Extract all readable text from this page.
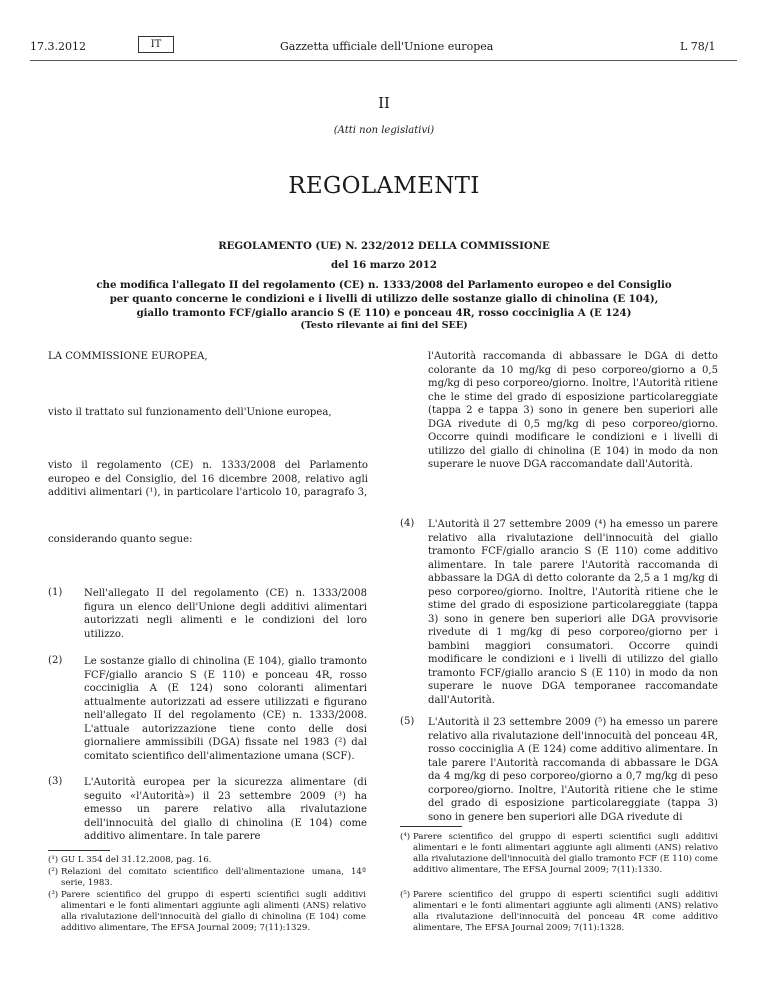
17.3.2012	IT	Gazzetta ufficiale dell'Unione europea	L 78/1
II
(Atti non legislativi)
REGOLAMENTI
REGOLAMENTO (UE) N. 232/2012 DELLA COMMISSIONE
del 16 marzo 2012
che modifica l'allegato II del regolamento (CE) n. 1333/2008 del Parlamento europeo e del Consiglio
per quanto concerne le condizioni e i livelli di utilizzo delle sostanze giallo di chinolina (E 104),
giallo tramonto FCF/giallo arancio S (E 110) e ponceau 4R, rosso cocciniglia A (E 124)
(Testo rilevante ai fini del SEE)
LA COMMISSIONE EUROPEA,
visto il trattato sul funzionamento dell'Unione europea,
visto il regolamento (CE) n. 1333/2008 del Parlamento europeo e del Consiglio, del 16 dicembre 2008, relativo agli additivi alimentari (¹), in particolare l'articolo 10, paragrafo 3,
considerando quanto segue:
(1) Nell'allegato II del regolamento (CE) n. 1333/2008 figura un elenco dell'Unione degli additivi alimentari autorizzati negli alimenti e le condizioni del loro utilizzo.
(2) Le sostanze giallo di chinolina (E 104), giallo tramonto FCF/giallo arancio S (E 110) e ponceau 4R, rosso cocciniglia A (E 124) sono coloranti alimentari attualmente autorizzati ad essere utilizzati e figurano nell'allegato II del regolamento (CE) n. 1333/2008. L'attuale autorizzazione tiene conto delle dosi giornaliere ammissibili (DGA) fissate nel 1983 (²) dal comitato scientifico dell'alimentazione umana (SCF).
(3) L'Autorità europea per la sicurezza alimentare (di seguito «l'Autorità») il 23 settembre 2009 (³) ha emesso un parere relativo alla rivalutazione dell'innocuità del giallo di chinolina (E 104) come additivo alimentare. In tale parere
(¹) GU L 354 del 31.12.2008, pag. 16.
(²) Relazioni del comitato scientifico dell'alimentazione umana, 14ª serie, 1983.
(³) Parere scientifico del gruppo di esperti scientifici sugli additivi alimentari e le fonti alimentari aggiunte agli alimenti (ANS) relativo alla rivalutazione dell'innocuità del giallo di chinolina (E 104) come additivo alimentare, The EFSA Journal 2009; 7(11):1329.
l'Autorità raccomanda di abbassare le DGA di detto colorante da 10 mg/kg di peso corporeo/giorno a 0,5 mg/kg di peso corporeo/giorno. Inoltre, l'Autorità ritiene che le stime del grado di esposizione particolareggiate (tappa 2 e tappa 3) sono in genere ben superiori alle DGA rivedute di 0,5 mg/kg di peso corporeo/giorno. Occorre quindi modificare le condizioni e i livelli di utilizzo del giallo di chinolina (E 104) in modo da non superare le nuove DGA raccomandate dall'Autorità.
(4) L'Autorità il 27 settembre 2009 (⁴) ha emesso un parere relativo alla rivalutazione dell'innocuità del giallo tramonto FCF/giallo arancio S (E 110) come additivo alimentare. In tale parere l'Autorità raccomanda di abbassare la DGA di detto colorante da 2,5 a 1 mg/kg di peso corporeo/giorno. Inoltre, l'Autorità ritiene che le stime del grado di esposizione particolareggiate (tappa 3) sono in genere ben superiori alle DGA provvisorie rivedute di 1 mg/kg di peso corporeo/giorno per i bambini maggiori consumatori. Occorre quindi modificare le condizioni e i livelli di utilizzo del giallo tramonto FCF/giallo arancio S (E 110) in modo da non superare le nuove DGA temporanee raccomandate dall'Autorità.
(5) L'Autorità il 23 settembre 2009 (⁵) ha emesso un parere relativo alla rivalutazione dell'innocuità del ponceau 4R, rosso cocciniglia A (E 124) come additivo alimentare. In tale parere l'Autorità raccomanda di abbassare le DGA da 4 mg/kg di peso corporeo/giorno a 0,7 mg/kg di peso corporeo/giorno. Inoltre, l'Autorità ritiene che le stime del grado di esposizione particolareggiate (tappa 3) sono in genere ben superiori alle DGA rivedute di
(⁴) Parere scientifico del gruppo di esperti scientifici sugli additivi alimentari e le fonti alimentari aggiunte agli alimenti (ANS) relativo alla rivalutazione dell'innocuità del giallo tramonto FCF (E 110) come additivo alimentare, The EFSA Journal 2009; 7(11):1330.
(⁵) Parere scientifico del gruppo di esperti scientifici sugli additivi alimentari e le fonti alimentari aggiunte agli alimenti (ANS) relativo alla rivalutazione dell'innocuità del ponceau 4R come additivo alimentare, The EFSA Journal 2009; 7(11):1328.
